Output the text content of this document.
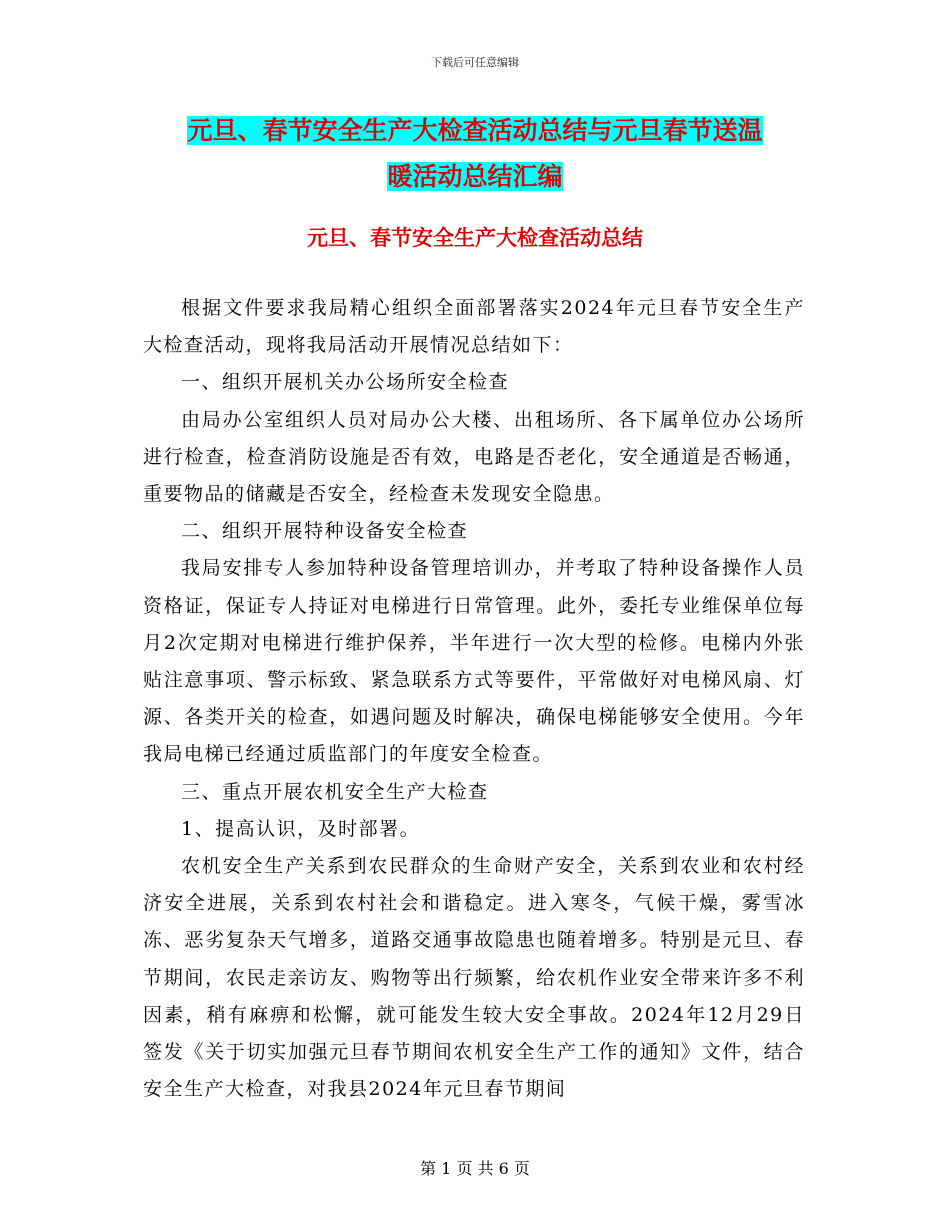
下载后可任意编辑
元旦、春节安全生产大检查活动总结与元旦春节送温
暖活动总结汇编
元旦、春节安全生产大检查活动总结

根据文件要求我局精心组织全面部署落实2024年元旦春节安全生产大检查活动，现将我局活动开展情况总结如下：

一、组织开展机关办公场所安全检查

由局办公室组织人员对局办公大楼、出租场所、各下属单位办公场所进行检查，检查消防设施是否有效，电路是否老化，安全通道是否畅通，重要物品的储藏是否安全，经检查未发现安全隐患。

二、组织开展特种设备安全检查

我局安排专人参加特种设备管理培训办，并考取了特种设备操作人员资格证，保证专人持证对电梯进行日常管理。此外，委托专业维保单位每月2次定期对电梯进行维护保养，半年进行一次大型的检修。电梯内外张贴注意事项、警示标致、紧急联系方式等要件，平常做好对电梯风扇、灯源、各类开关的检查，如遇问题及时解决，确保电梯能够安全使用。今年我局电梯已经通过质监部门的年度安全检查。

三、重点开展农机安全生产大检查

1、提高认识，及时部署。

农机安全生产关系到农民群众的生命财产安全，关系到农业和农村经济安全进展，关系到农村社会和谐稳定。进入寒冬，气候干燥，雾雪冰冻、恶劣复杂天气增多，道路交通事故隐患也随着增多。特别是元旦、春节期间，农民走亲访友、购物等出行频繁，给农机作业安全带来许多不利因素，稍有麻痹和松懈，就可能发生较大安全事故。2024年12月29日签发《关于切实加强元旦春节期间农机安全生产工作的通知》文件，结合安全生产大检查，对我县2024年元旦春节期间

第 1 页 共 6 页
